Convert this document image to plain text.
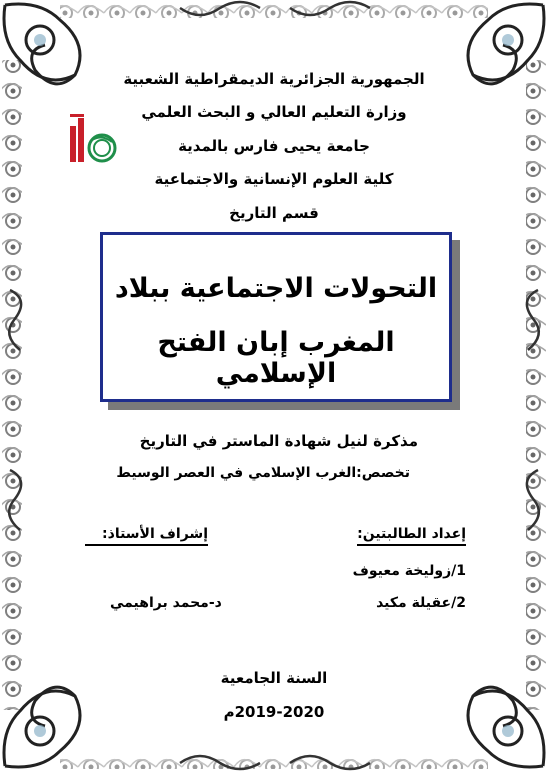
الجمهورية الجزائرية الديمقراطية الشعبية
وزارة التعليم العالي و البحث العلمي
جامعة يحيى فارس بالمدية
كلية العلوم الإنسانية والاجتماعية
قسم التاريخ
التحولات الاجتماعية ببلاد
المغرب إبان الفتح الإسلامي
مذكرة لنيل شهادة الماستر في التاريخ
تخصص:الغرب الإسلامي في العصر الوسيط
إعداد الطالبتين:
1/زوليخة معيوف
2/عقيلة مكيد
إشراف الأستاذ:
د-محمد براهيمي
السنة الجامعية
2019-2020م
